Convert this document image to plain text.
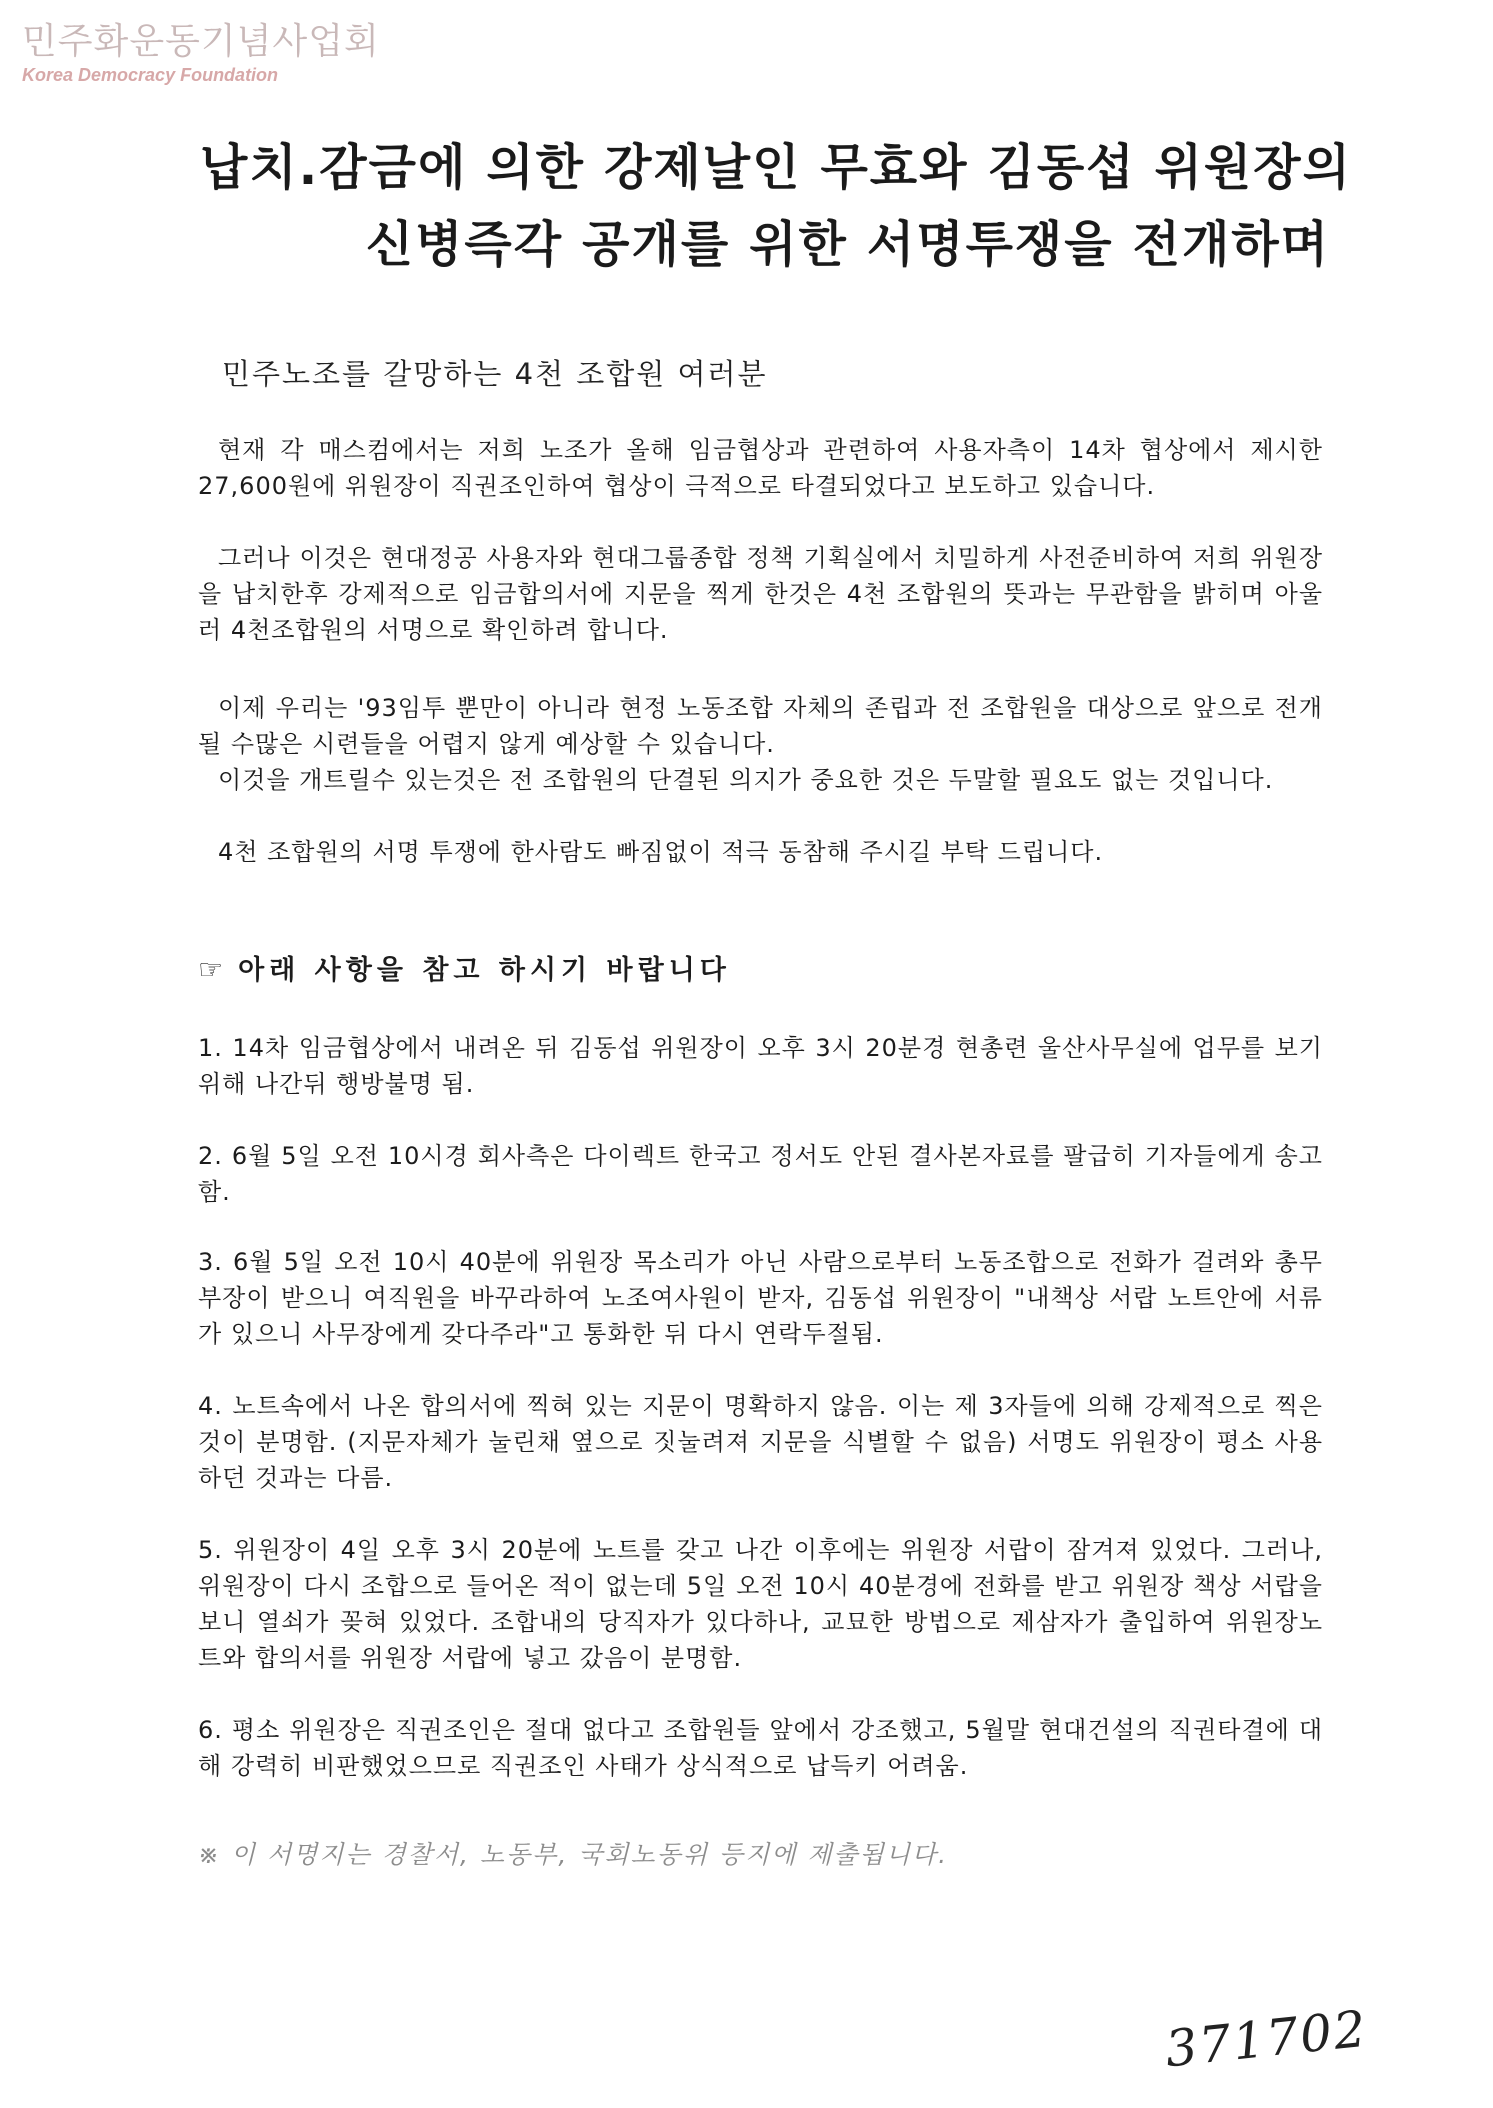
민주화운동기념사업회
Korea Democracy Foundation
납치.감금에 의한 강제날인 무효와 김동섭 위원장의
신병즉각 공개를 위한 서명투쟁을 전개하며
민주노조를 갈망하는 4천 조합원 여러분
현재 각 매스컴에서는 저희 노조가 올해 임금협상과 관련하여 사용자측이 14차 협상에서 제시한 27,600원에 위원장이 직권조인하여 협상이 극적으로 타결되었다고 보도하고 있습니다.
그러나 이것은 현대정공 사용자와 현대그룹종합 정책 기획실에서 치밀하게 사전준비하여 저희 위원장을 납치한후 강제적으로 임금합의서에 지문을 찍게 한것은 4천 조합원의 뜻과는 무관함을 밝히며 아울러 4천조합원의 서명으로 확인하려 합니다.
이제 우리는 '93임투 뿐만이 아니라 현정 노동조합 자체의 존립과 전 조합원을 대상으로 앞으로 전개될 수많은 시련들을 어렵지 않게 예상할 수 있습니다.
이것을 개트릴수 있는것은 전 조합원의 단결된 의지가 중요한 것은 두말할 필요도 없는 것입니다.
4천 조합원의 서명 투쟁에 한사람도 빠짐없이 적극 동참해 주시길 부탁 드립니다.
☞ 아래 사항을 참고 하시기 바랍니다
1. 14차 임금협상에서 내려온 뒤 김동섭 위원장이 오후 3시 20분경 현총련 울산사무실에 업무를 보기 위해 나간뒤 행방불명 됨.
2. 6월 5일 오전 10시경 회사측은 다이렉트 한국고 정서도 안된 결사본자료를 팔급히 기자들에게 송고함.
3. 6월 5일 오전 10시 40분에 위원장 목소리가 아닌 사람으로부터 노동조합으로 전화가 걸려와 총무부장이 받으니 여직원을 바꾸라하여 노조여사원이 받자, 김동섭 위원장이 "내책상 서랍 노트안에 서류가 있으니 사무장에게 갖다주라"고 통화한 뒤 다시 연락두절됨.
4. 노트속에서 나온 합의서에 찍혀 있는 지문이 명확하지 않음. 이는 제 3자들에 의해 강제적으로 찍은 것이 분명함. (지문자체가 눌린채 옆으로 짓눌려져 지문을 식별할 수 없음) 서명도 위원장이 평소 사용하던 것과는 다름.
5. 위원장이 4일 오후 3시 20분에 노트를 갖고 나간 이후에는 위원장 서랍이 잠겨져 있었다. 그러나, 위원장이 다시 조합으로 들어온 적이 없는데 5일 오전 10시 40분경에 전화를 받고 위원장 책상 서랍을 보니 열쇠가 꽂혀 있었다. 조합내의 당직자가 있다하나, 교묘한 방법으로 제삼자가 출입하여 위원장노트와 합의서를 위원장 서랍에 넣고 갔음이 분명함.
6. 평소 위원장은 직권조인은 절대 없다고 조합원들 앞에서 강조했고, 5월말 현대건설의 직권타결에 대해 강력히 비판했었으므로 직권조인 사태가 상식적으로 납득키 어려움.
※ 이 서명지는 경찰서, 노동부, 국회노동위 등지에 제출됩니다.
371702
